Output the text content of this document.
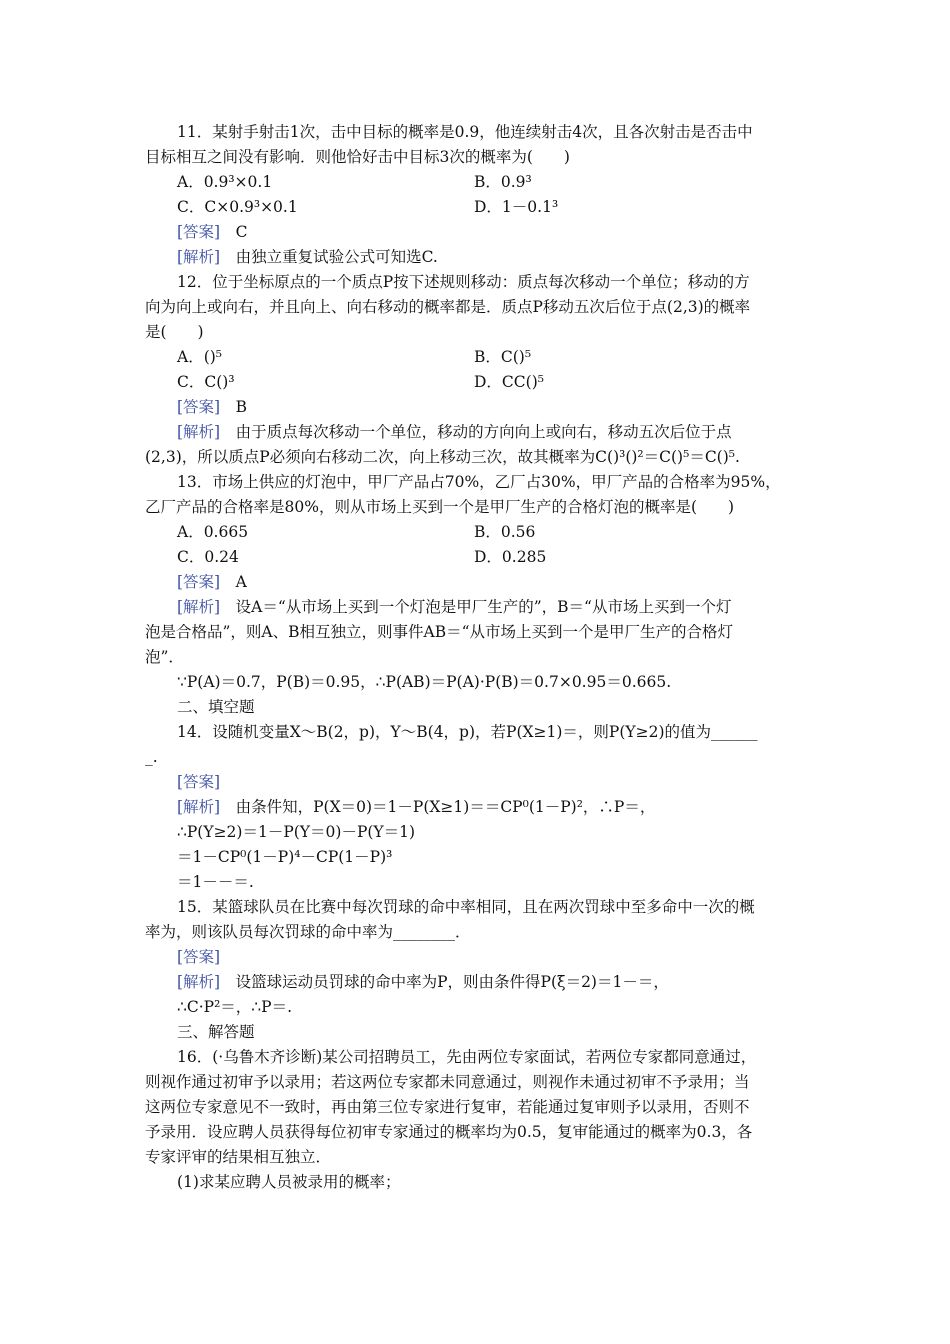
11．某射手射击1次，击中目标的概率是0.9，他连续射击4次，且各次射击是否击中
目标相互之间没有影响．则他恰好击中目标3次的概率为(　　)
A．0.9³×0.1	B．0.9³
C．C×0.9³×0.1	D．1－0.1³
[答案]　 C
[解析]　 由独立重复试验公式可知选C.
12．位于坐标原点的一个质点P按下述规则移动：质点每次移动一个单位；移动的方
向为向上或向右，并且向上、向右移动的概率都是．质点P移动五次后位于点(2,3)的概率
是(　　)
A．()⁵	B．C()⁵
C．C()³	D．CC()⁵
[答案]　 B
[解析]　 由于质点每次移动一个单位，移动的方向向上或向右，移动五次后位于点
(2,3)，所以质点P必须向右移动二次，向上移动三次，故其概率为C()³()²＝C()⁵＝C()⁵.
13．市场上供应的灯泡中，甲厂产品占70%，乙厂占30%，甲厂产品的合格率为95%，
乙厂产品的合格率是80%，则从市场上买到一个是甲厂生产的合格灯泡的概率是(　　)
A．0.665	B．0.56
C．0.24	D．0.285
[答案]　 A
[解析]　 设A＝“从市场上买到一个灯泡是甲厂生产的”，B＝“从市场上买到一个灯
泡是合格品”，则A、B相互独立，则事件AB＝“从市场上买到一个是甲厂生产的合格灯
泡”．
∵P(A)＝0.7，P(B)＝0.95，∴P(AB)＝P(A)·P(B)＝0.7×0.95＝0.665.
二、填空题
14．设随机变量X～B(2，p)，Y～B(4，p)，若P(X≥1)＝，则P(Y≥2)的值为______
_.
[答案]
[解析]　 由条件知，P(X＝0)＝1－P(X≥1)＝＝CP⁰(1－P)²，∴P＝，
∴P(Y≥2)＝1－P(Y＝0)－P(Y＝1)
＝1－CP⁰(1－P)⁴－CP(1－P)³
＝1－－＝.
15．某篮球队员在比赛中每次罚球的命中率相同，且在两次罚球中至多命中一次的概
率为，则该队员每次罚球的命中率为________．
[答案]
[解析]　 设篮球运动员罚球的命中率为P，则由条件得P(ξ＝2)＝1－＝，
∴C·P²＝，∴P＝.
三、解答题
16．(·乌鲁木齐诊断)某公司招聘员工，先由两位专家面试，若两位专家都同意通过，
则视作通过初审予以录用；若这两位专家都未同意通过，则视作未通过初审不予录用；当
这两位专家意见不一致时，再由第三位专家进行复审，若能通过复审则予以录用，否则不
予录用．设应聘人员获得每位初审专家通过的概率均为0.5，复审能通过的概率为0.3，各
专家评审的结果相互独立．
(1)求某应聘人员被录用的概率；
